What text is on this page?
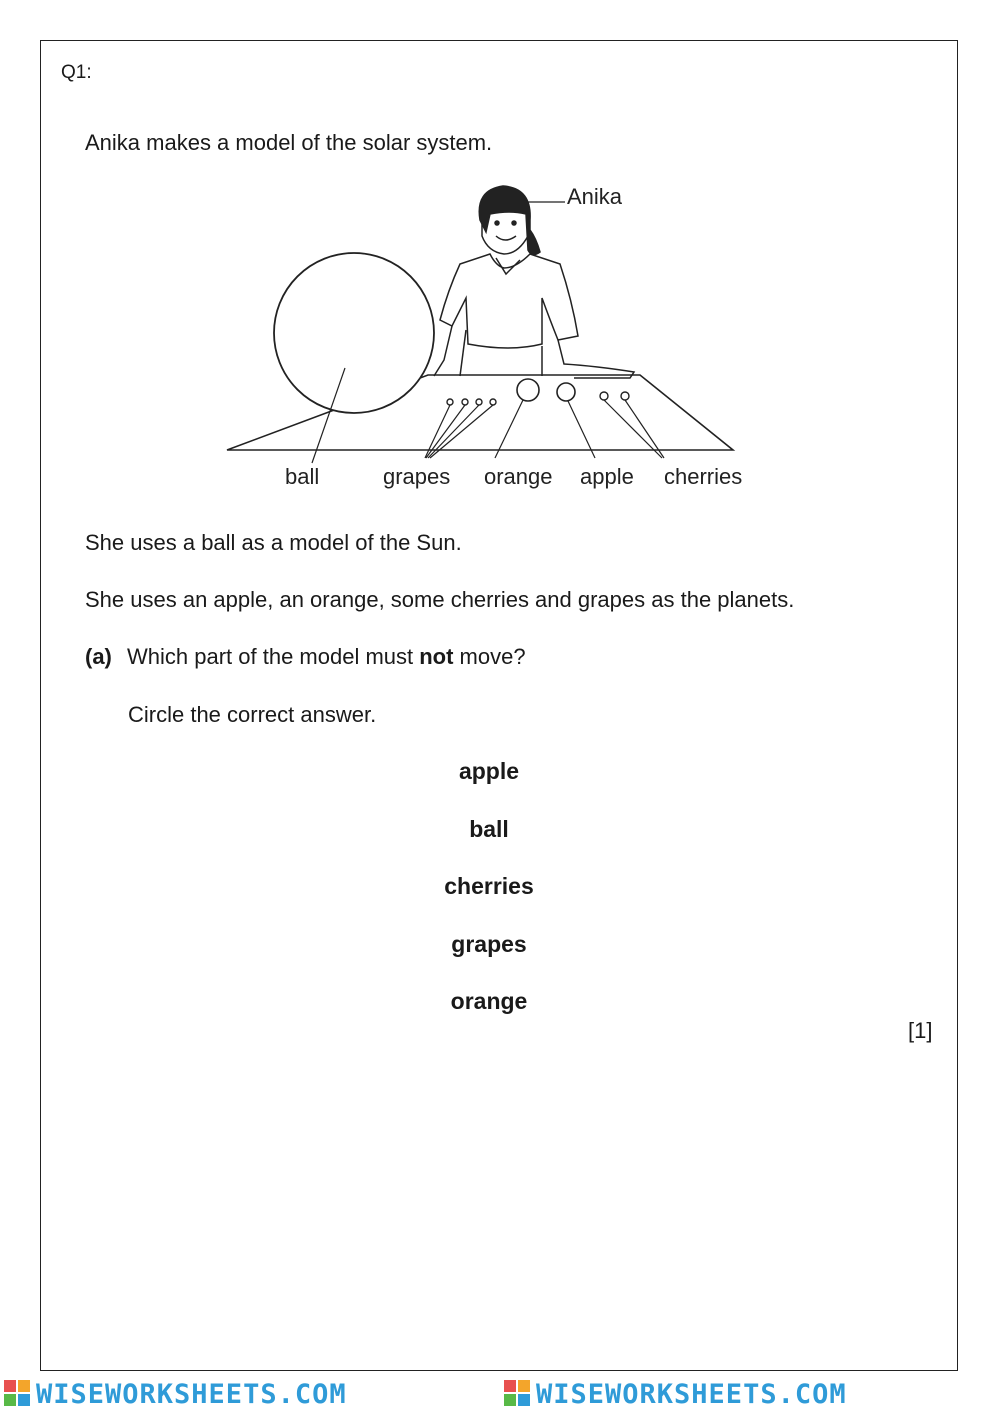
Q1:
Anika makes a model of the solar system.
Anika
ball	grapes orange apple cherries
She uses a ball as a model of the Sun.
She uses an apple, an orange, some cherries and grapes as the planets.
(a) Which part of the model must not move?
Circle the correct answer.
apple
ball
cherries
grapes
orange
[1]
WISEWORKSHEETS.COM	WISEWORKSHEETS.COM
